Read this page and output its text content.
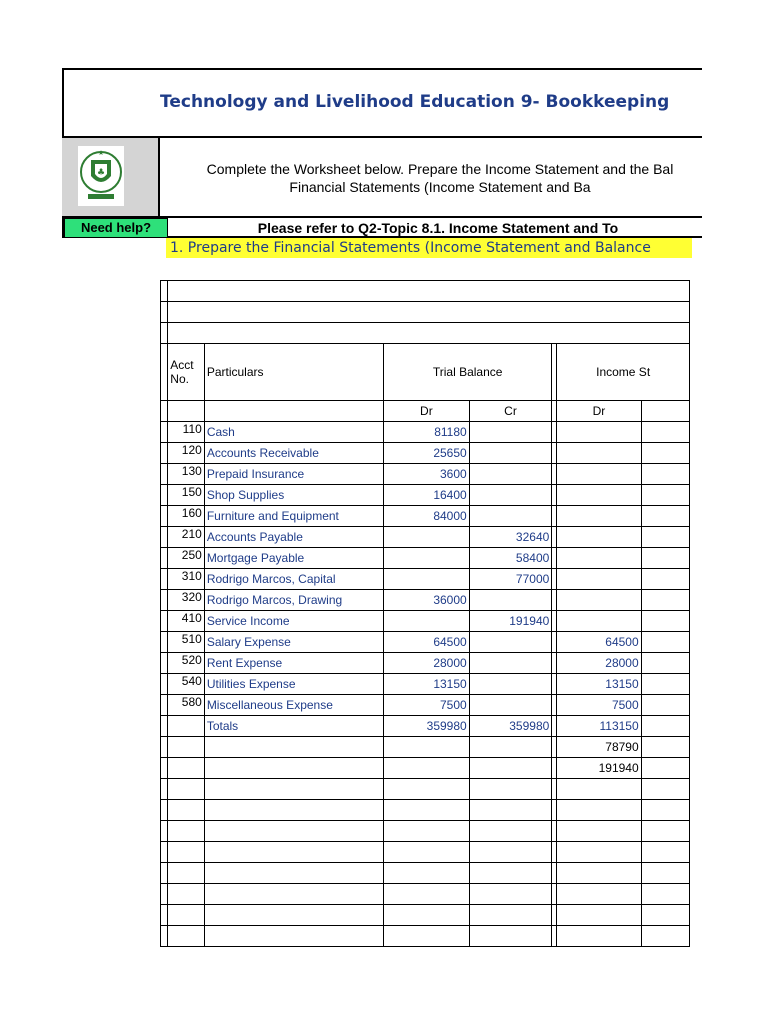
Technology and Livelihood Education 9- Bookkeeping
♣
★
Complete the Worksheet below. Prepare the Income Statement and the Bal
Financial Statements (Income Statement and Ba
Need help?	Please refer to Q2-Topic 8.1. Income Statement and To
1. Prepare the Financial Statements (Income Statement and Balance

	Acct No.	Particulars	Trial Balance			Income St	
			Dr	Cr		Dr	
	110	Cash	81180				
	120	Accounts Receivable	25650				
	130	Prepaid Insurance	3600				
	150	Shop Supplies	16400				
	160	Furniture and Equipment	84000				
	210	Accounts Payable		32640			
	250	Mortgage Payable		58400			
	310	Rodrigo Marcos, Capital		77000			
	320	Rodrigo Marcos, Drawing	36000				
	410	Service Income		191940			
	510	Salary Expense	64500			64500	
	520	Rent Expense	28000			28000	
	540	Utilities Expense	13150			13150	
	580	Miscellaneous Expense	7500			7500	
		Totals	359980	359980		113150	
						78790	
						191940	
